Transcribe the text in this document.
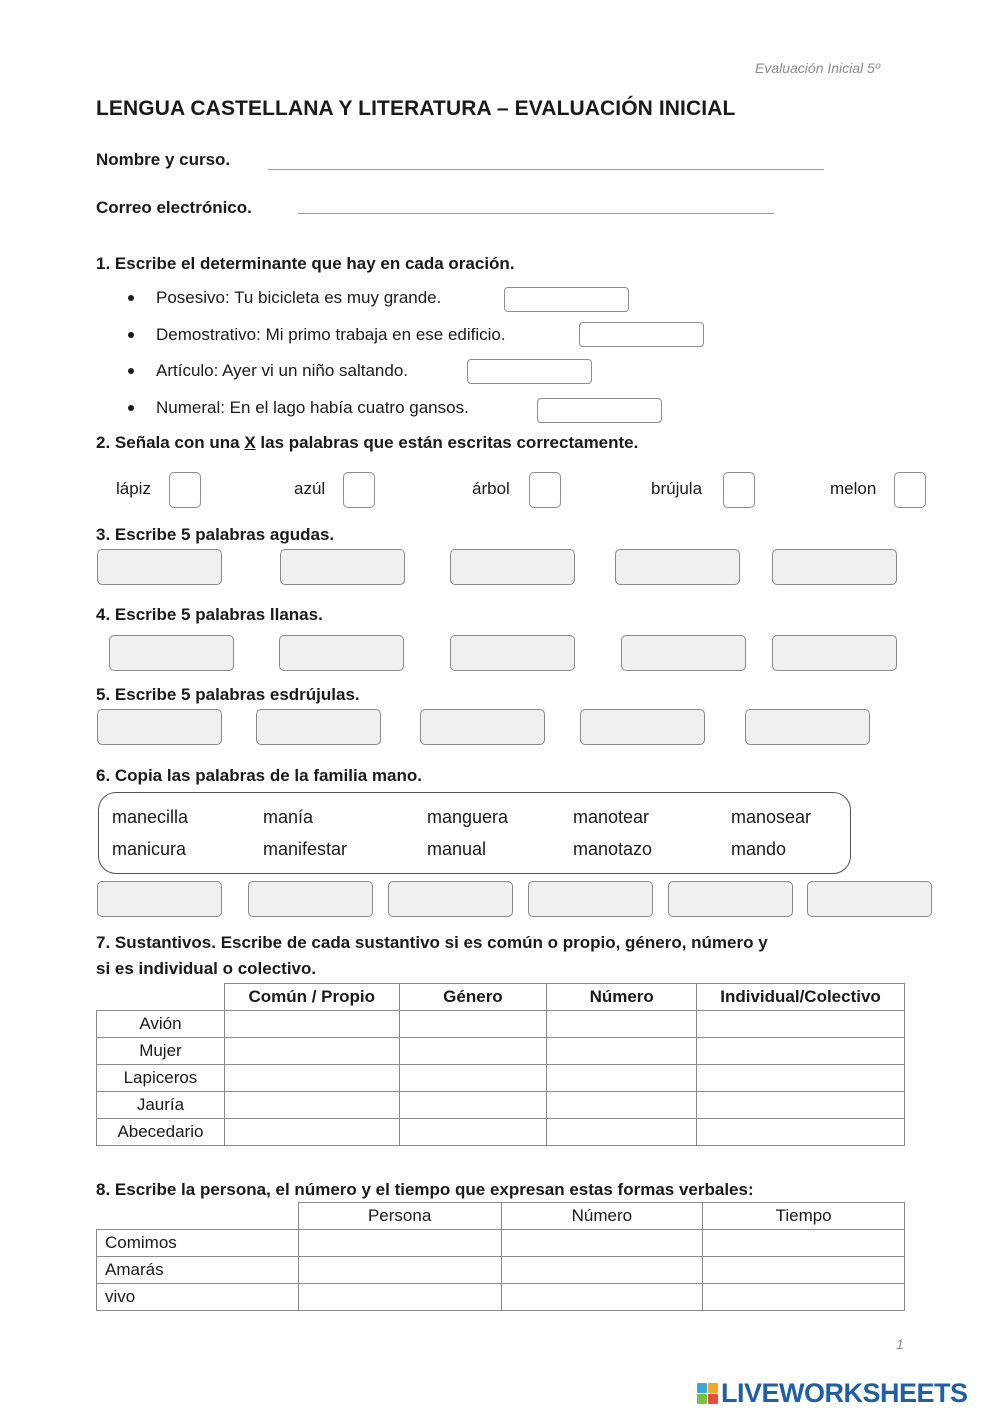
Evaluación Inicial 5º
LENGUA CASTELLANA Y LITERATURA – EVALUACIÓN INICIAL
Nombre y curso.
Correo electrónico.
1. Escribe el determinante que hay en cada oración.
Posesivo: Tu bicicleta es muy grande.
Demostrativo: Mi primo trabaja en ese edificio.
Artículo: Ayer vi un niño saltando.
Numeral: En el lago había cuatro gansos.
2. Señala con una X las palabras que están escritas correctamente.
lápiz	azúl	árbol	brújula	melon
3. Escribe 5 palabras agudas.
4. Escribe 5 palabras llanas.
5. Escribe 5 palabras esdrújulas.
6. Copia las palabras de la familia mano.
manecilla	manía	manguera	manotear	manosear
manicura	manifestar	manual	manotazo	mando
7. Sustantivos. Escribe de cada sustantivo si es común o propio, género, número y
si es individual o colectivo.
	Común / Propio	Género	Número	Individual/Colectivo
Avión				
Mujer				
Lapiceros				
Jauría				
Abecedario				
8. Escribe la persona, el número y el tiempo que expresan estas formas verbales:
	Persona	Número	Tiempo
Comimos			
Amarás			
vivo			
1
LIVEWORKSHEETS
